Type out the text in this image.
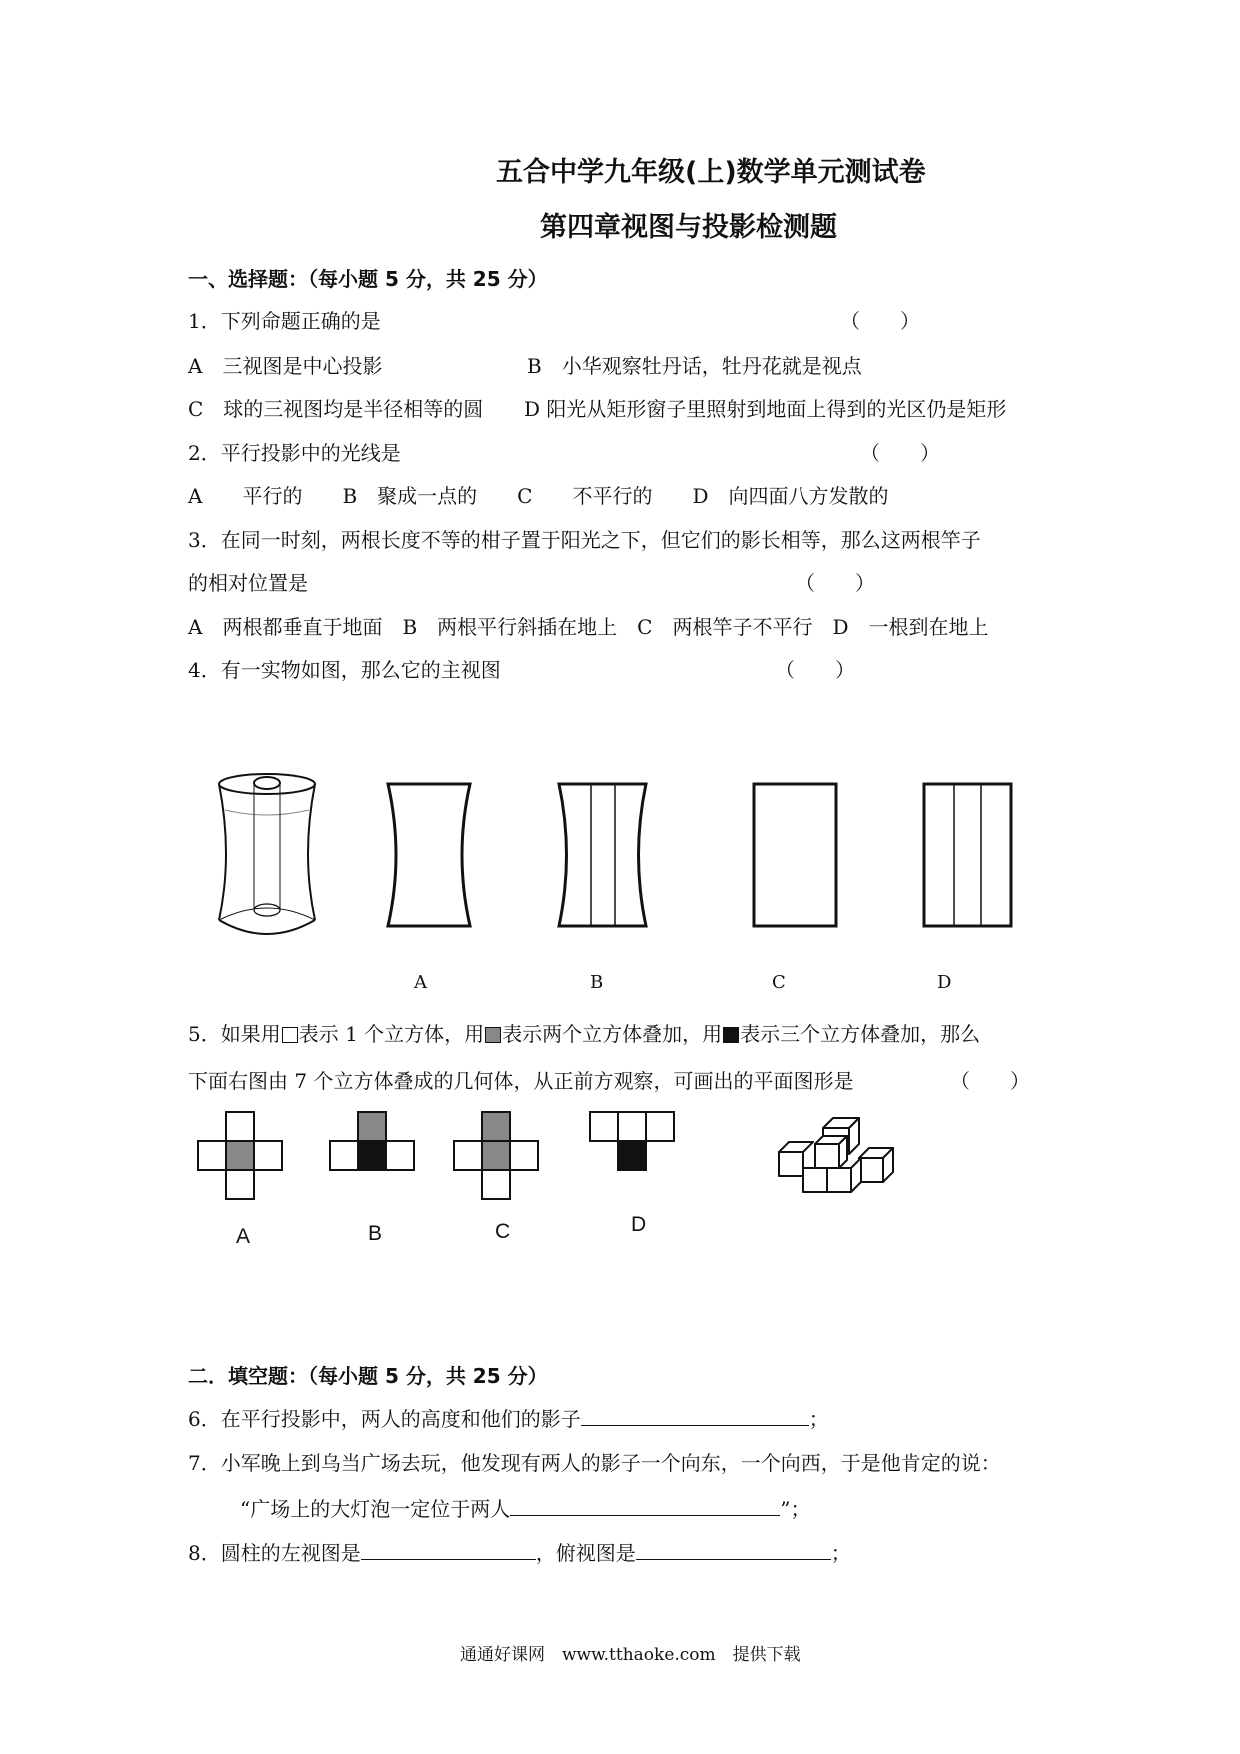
五合中学九年级(上)数学单元测试卷
第四章视图与投影检测题
一、选择题：（每小题 5 分，共 25 分）
1．下列命题正确的是	（　　）
A　三视图是中心投影	B　小华观察牡丹话，牡丹花就是视点
C　球的三视图均是半径相等的圆 D 阳光从矩形窗子里照射到地面上得到的光区仍是矩形
2．平行投影中的光线是	（　　）
A　　平行的　　B　聚成一点的　　C　　不平行的　　D　向四面八方发散的
3．在同一时刻，两根长度不等的柑子置于阳光之下，但它们的影长相等，那么这两根竿子
的相对位置是	（　　）
A　两根都垂直于地面　B　两根平行斜插在地上　C　两根竿子不平行　D　一根到在地上
4．有一实物如图，那么它的主视图	（　　）
A	B	C	D
5．如果用 表示 1 个立方体，用 表示两个立方体叠加，用 表示三个立方体叠加，那么
下面右图由 7 个立方体叠成的几何体，从正前方观察，可画出的平面图形是	（　　）
A	B	C	D
二．填空题：（每小题 5 分，共 25 分）
6．在平行投影中，两人的高度和他们的影子	；
7．小军晚上到乌当广场去玩，他发现有两人的影子一个向东，一个向西，于是他肯定的说：
“广场上的大灯泡一定位于两人	”；
8．圆柱的左视图是	，俯视图是	；
通通好课网　www.tthaoke.com　提供下载
